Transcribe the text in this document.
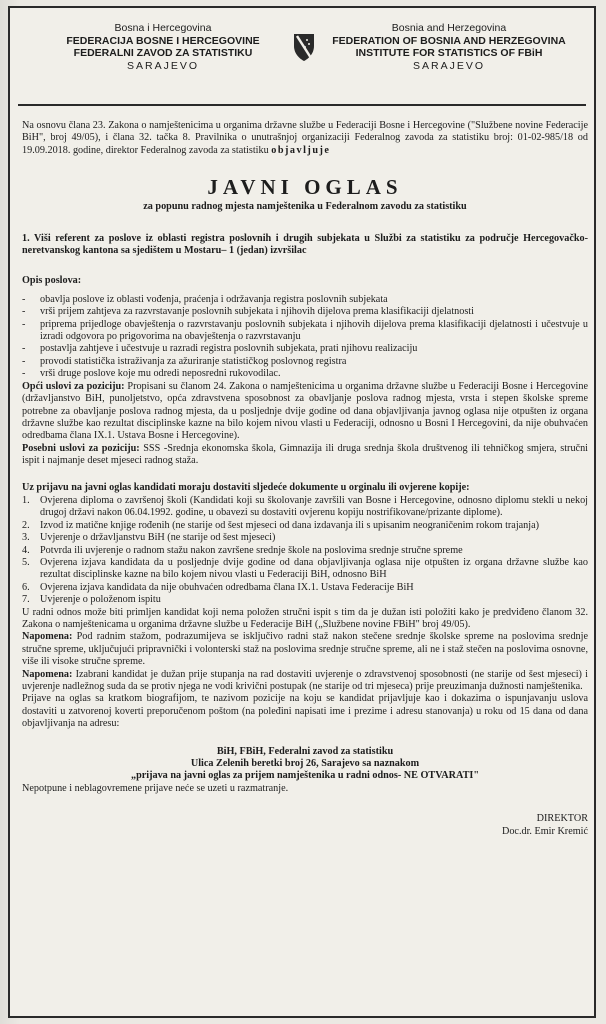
Bosna i Hercegovina
FEDERACIJA BOSNE I HERCEGOVINE
FEDERALNI ZAVOD ZA STATISTIKU
SARAJEVO
Bosnia and Herzegovina
FEDERATION OF BOSNIA AND HERZEGOVINA
INSTITUTE FOR STATISTICS OF FBiH
SARAJEVO

Na osnovu člana 23. Zakona o namještenicima u organima državne službe u Federaciji Bosne i Hercegovine ("Službene novine Federacije BiH", broj 49/05), i člana 32. tačka 8. Pravilnika o unutrašnjoj organizaciji Federalnog zavoda za statistiku broj: 01-02-985/18 od 19.09.2018. godine, direktor Federalnog zavoda za statistiku objavljuje

JAVNI OGLAS
za popunu radnog mjesta namještenika u Federalnom zavodu za statistiku
1. Viši referent za poslove iz oblasti registra poslovnih i drugih subjekata u Službi za statistiku za područje Hercegovačko-neretvanskog kantona sa sjedištem u Mostaru– 1 (jedan) izvršilac
Opis poslova:
- obavlja poslove iz oblasti vođenja, praćenja i održavanja registra poslovnih subjekata
- vrši prijem zahtjeva za razvrstavanje poslovnih subjekata i njihovih dijelova prema klasifikaciji djelatnosti
- priprema prijedloge obavještenja o razvrstavanju poslovnih subjekata i njihovih dijelova prema klasifikaciji djelatnosti i učestvuje u izradi odgovora po prigovorima na obavještenja o razvrstavanju
- postavlja zahtjeve i učestvuje u razradi registra poslovnih subjekata, prati njihovu realizaciju
- provodi statistička istraživanja za ažuriranje statističkog poslovnog registra
- vrši druge poslove koje mu odredi neposredni rukovodilac.

Opći uslovi za poziciju: Propisani su članom 24. Zakona o namještenicima u organima državne službe u Federaciji Bosne i Hercegovine (državljanstvo BiH, punoljetstvo, opća zdravstvena sposobnost za obavljanje poslova radnog mjesta, vrsta i stepen školske spreme potrebne za obavljanje poslova radnog mjesta, da u posljednje dvije godine od dana objavljivanja javnog oglasa nije otpušten iz organa državne službe kao rezultat disciplinske kazne na bilo kojem nivou vlasti u Federaciji, odnosno u Bosni I Hercegovini, da nije obuhvaćen odredbama člana IX.1. Ustava Bosne i Hercegovine).

Posebni uslovi za poziciju: SSS -Srednja ekonomska škola, Gimnazija ili druga srednja škola društvenog ili tehničkog smjera, stručni ispit i najmanje deset mjeseci radnog staža.

Uz prijavu na javni oglas kandidati moraju dostaviti sljedeće dokumente u orginalu ili ovjerene kopije:
1. Ovjerena diploma o završenoj školi (Kandidati koji su školovanje završili van Bosne i Hercegovine, odnosno diplomu stekli u nekoj drugoj državi nakon 06.04.1992. godine, u obavezi su dostaviti ovjerenu kopiju nostrifikovane/prizante diplome).
2. Izvod iz matične knjige rođenih (ne starije od šest mjeseci od dana izdavanja ili s upisanim neograničenim rokom trajanja)
3. Uvjerenje o državljanstvu BiH (ne starije od šest mjeseci)
4. Potvrda ili uvjerenje o radnom stažu nakon završene srednje škole na poslovima srednje stručne spreme
5. Ovjerena izjava kandidata da u posljednje dvije godine od dana objavljivanja oglasa nije otpušten iz organa državne službe kao rezultat disciplinske kazne na bilo kojem nivou vlasti u Federaciji BiH, odnosno BiH
6. Ovjerena izjava kandidata da nije obuhvaćen odredbama člana IX.1. Ustava Federacije BiH
7. Uvjerenje o položenom ispitu

U radni odnos može biti primljen kandidat koji nema položen stručni ispit s tim da je dužan isti položiti kako je predviđeno članom 32. Zakona o namještenicama u organima državne službe u Federacije BiH („Službene novine FBiH" broj 49/05).

Napomena: Pod radnim stažom, podrazumijeva se isključivo radni staž nakon stečene srednje školske spreme na poslovima srednje stručne spreme, uključujući pripravnički i volonterski staž na poslovima srednje stručne spreme, ali ne i staž stečen na poslovima osnovne, više ili visoke stručne spreme.

Napomena: Izabrani kandidat je dužan prije stupanja na rad dostaviti uvjerenje o zdravstvenoj sposobnosti (ne starije od šest mjeseci) i uvjerenje nadležnog suda da se protiv njega ne vodi krivični postupak (ne starije od tri mjeseca) prije preuzimanja dužnosti namještenika.

Prijave na oglas sa kratkom biografijom, te nazivom pozicije na koju se kandidat prijavljuje kao i dokazima o ispunjavanju uslova dostaviti u zatvorenoj koverti preporučenom poštom (na poleđini napisati ime i prezime i adresu stanovanja) u roku od 15 dana od dana objavljivanja na adresu:

BiH, FBiH, Federalni zavod za statistiku
Ulica Zelenih beretki broj 26, Sarajevo sa naznakom
„prijava na javni oglas za prijem namještenika u radni odnos- NE OTVARATI"

Nepotpune i neblagovremene prijave neće se uzeti u razmatranje.

DIREKTOR
Doc.dr. Emir Kremić
